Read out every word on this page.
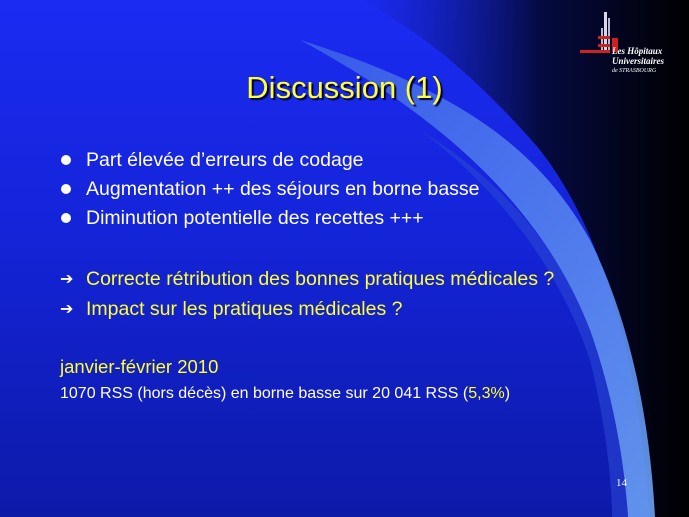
Les Hôpitaux
Universitaires
de STRASBOURG
Discussion (1)
Part élevée d’erreurs de codage
Augmentation ++ des séjours en borne basse
Diminution potentielle des recettes +++
➔ Correcte rétribution des bonnes pratiques médicales ?
➔ Impact sur les pratiques médicales ?
janvier-février 2010
1070 RSS (hors décès) en borne basse sur 20 041 RSS (5,3%)
14
